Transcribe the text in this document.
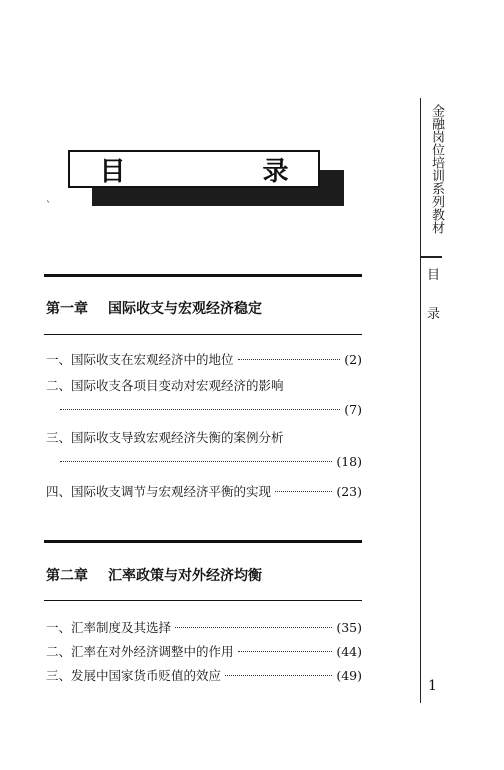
目 录
ˋ
第一章 国际收支与宏观经济稳定
一、国际收支在宏观经济中的地位	(2)
二、国际收支各项目变动对宏观经济的影响
(7)
三、国际收支导致宏观经济失衡的案例分析
(18)
四、国际收支调节与宏观经济平衡的实现	(23)
第二章 汇率政策与对外经济均衡
一、汇率制度及其选择	(35)
二、汇率在对外经济调整中的作用	(44)
三、发展中国家货币贬值的效应	(49)
金融岗位培训系列教材
目
录
1
